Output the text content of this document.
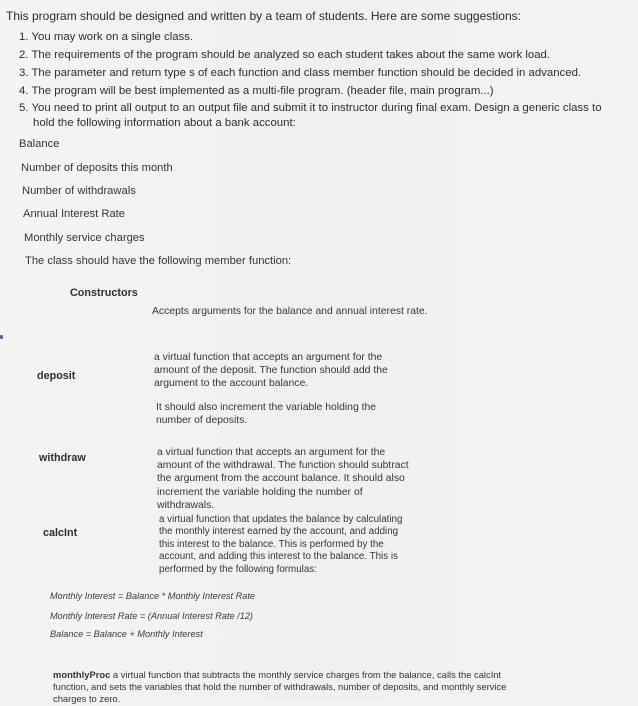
This program should be designed and written by a team of students. Here are some suggestions:
1. You may work on a single class.
2. The requirements of the program should be analyzed so each student takes about the same work load.
3. The parameter and return type s of each function and class member function should be decided in advanced.
4. The program will be best implemented as a multi-file program. (header file, main program...)
5. You need to print all output to an output file and submit it to instructor during final exam. Design a generic class to
hold the following information about a bank account:
Balance
Number of deposits this month
Number of withdrawals
Annual Interest Rate
Monthly service charges
The class should have the following member function:
Constructors
Accepts arguments for the balance and annual interest rate.
deposit
a virtual function that accepts an argument for the amount of the deposit. The function should add the argument to the account balance.
It should also increment the variable holding the number of deposits.
withdraw	a virtual function that accepts an argument for the amount of the withdrawal. The function should subtract the argument from the account balance. It should also increment the variable holding the number of withdrawals.
calcInt
a virtual function that updates the balance by calculating the monthly interest earned by the account, and adding this interest to the balance. This is performed by the account, and adding this interest to the balance. This is performed by the following formulas:
Monthly Interest = Balance * Monthly Interest Rate
Monthly Interest Rate = (Annual Interest Rate /12)
Balance = Balance + Monthly Interest
monthlyProc a virtual function that subtracts the monthly service charges from the balance, calls the calcInt function, and sets the variables that hold the number of withdrawals, number of deposits, and monthly service charges to zero.
